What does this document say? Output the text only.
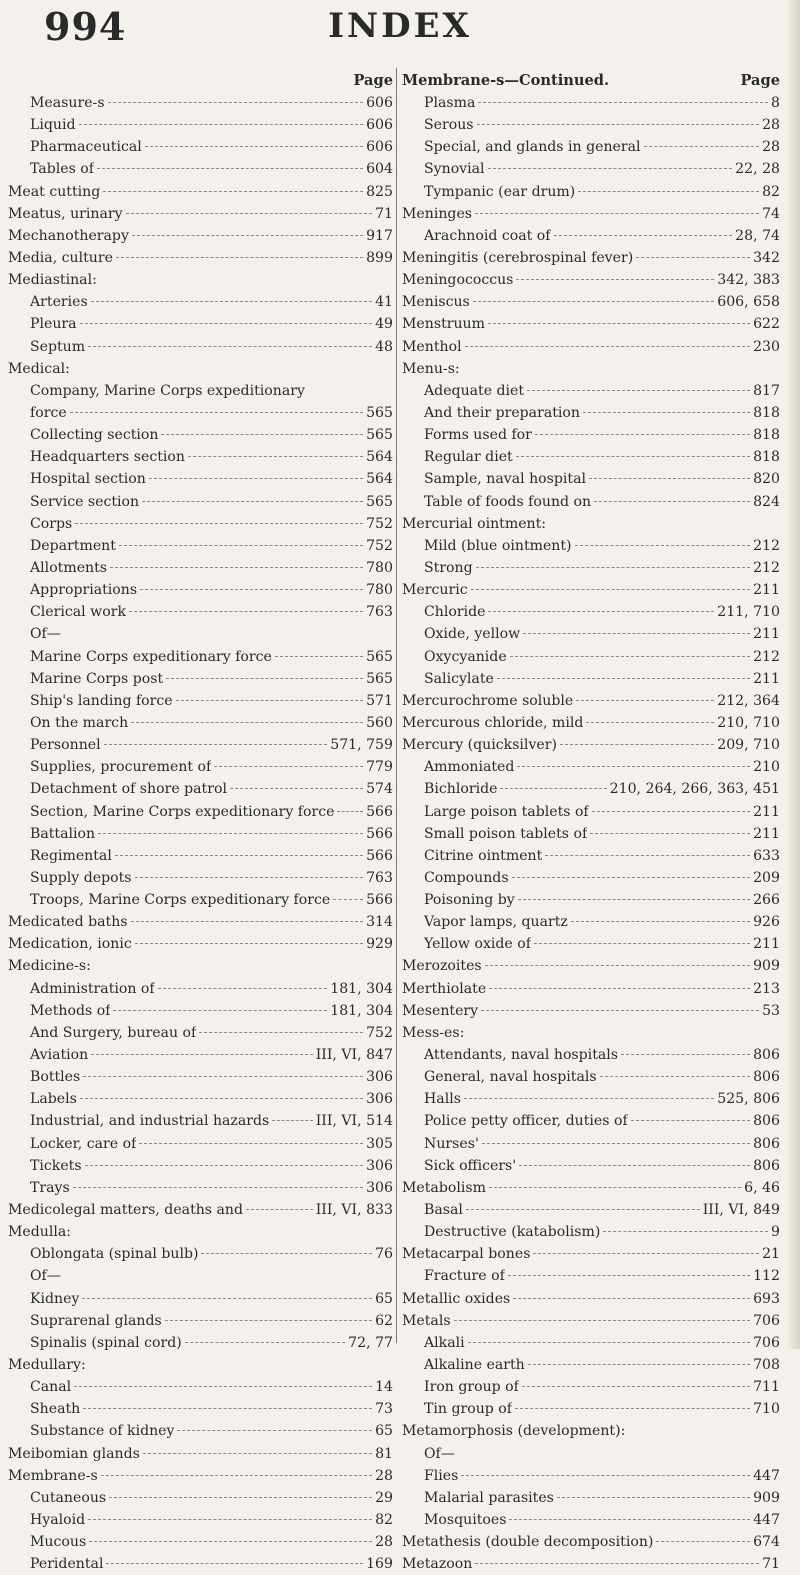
INDEX
994
Page
Measure-s	606
Liquid	606
Pharmaceutical	606
Tables of	604
Meat cutting	825
Meatus, urinary	71
Mechanotherapy	917
Media, culture	899
Mediastinal:
Arteries	41
Pleura	49
Septum	48
Medical:
Company, Marine Corps expeditionary
force	565
Collecting section	565
Headquarters section	564
Hospital section	564
Service section	565
Corps	752
Department	752
Allotments	780
Appropriations	780
Clerical work	763
Of—
Marine Corps expeditionary force	565
Marine Corps post	565
Ship's landing force	571
On the march	560
Personnel	571, 759
Supplies, procurement of	779
Detachment of shore patrol	574
Section, Marine Corps expeditionary force 566
Battalion	566
Regimental	566
Supply depots	763
Troops, Marine Corps expeditionary force	566
Medicated baths	314
Medication, ionic	929
Medicine-s:
Administration of	181, 304
Methods of	181, 304
And Surgery, bureau of	752
Aviation	III, VI, 847
Bottles	306
Labels	306
Industrial, and industrial hazards	III, VI, 514
Locker, care of	305
Tickets	306
Trays	306
Medicolegal matters, deaths and	III, VI, 833
Medulla:
Oblongata (spinal bulb)	76
Of—
Kidney	65
Suprarenal glands	62
Spinalis (spinal cord)	72, 77
Medullary:
Canal	14
Sheath	73
Substance of kidney	65
Meibomian glands	81
Membrane-s	28
Cutaneous	29
Hyaloid	82
Mucous	28
Peridental	169
Membrane-s—Continued.	Page
Plasma	8
Serous	28
Special, and glands in general	28
Synovial	22, 28
Tympanic (ear drum)	82
Meninges	74
Arachnoid coat of	28, 74
Meningitis (cerebrospinal fever)	342
Meningococcus	342, 383
Meniscus	606, 658
Menstruum	622
Menthol	230
Menu-s:
Adequate diet	817
And their preparation	818
Forms used for	818
Regular diet	818
Sample, naval hospital	820
Table of foods found on	824
Mercurial ointment:
Mild (blue ointment)	212
Strong	212
Mercuric	211
Chloride	211, 710
Oxide, yellow	211
Oxycyanide	212
Salicylate	211
Mercurochrome soluble	212, 364
Mercurous chloride, mild	210, 710
Mercury (quicksilver)	209, 710
Ammoniated	210
Bichloride	210, 264, 266, 363, 451
Large poison tablets of	211
Small poison tablets of	211
Citrine ointment	633
Compounds	209
Poisoning by	266
Vapor lamps, quartz	926
Yellow oxide of	211
Merozoites	909
Merthiolate	213
Mesentery	53
Mess-es:
Attendants, naval hospitals	806
General, naval hospitals	806
Halls	525, 806
Police petty officer, duties of	806
Nurses'	806
Sick officers'	806
Metabolism	6, 46
Basal	III, VI, 849
Destructive (katabolism)	9
Metacarpal bones	21
Fracture of	112
Metallic oxides	693
Metals	706
Alkali	706
Alkaline earth	708
Iron group of	711
Tin group of	710
Metamorphosis (development):
Of—
Flies	447
Malarial parasites	909
Mosquitoes	447
Metathesis (double decomposition)	674
Metazoon	71
